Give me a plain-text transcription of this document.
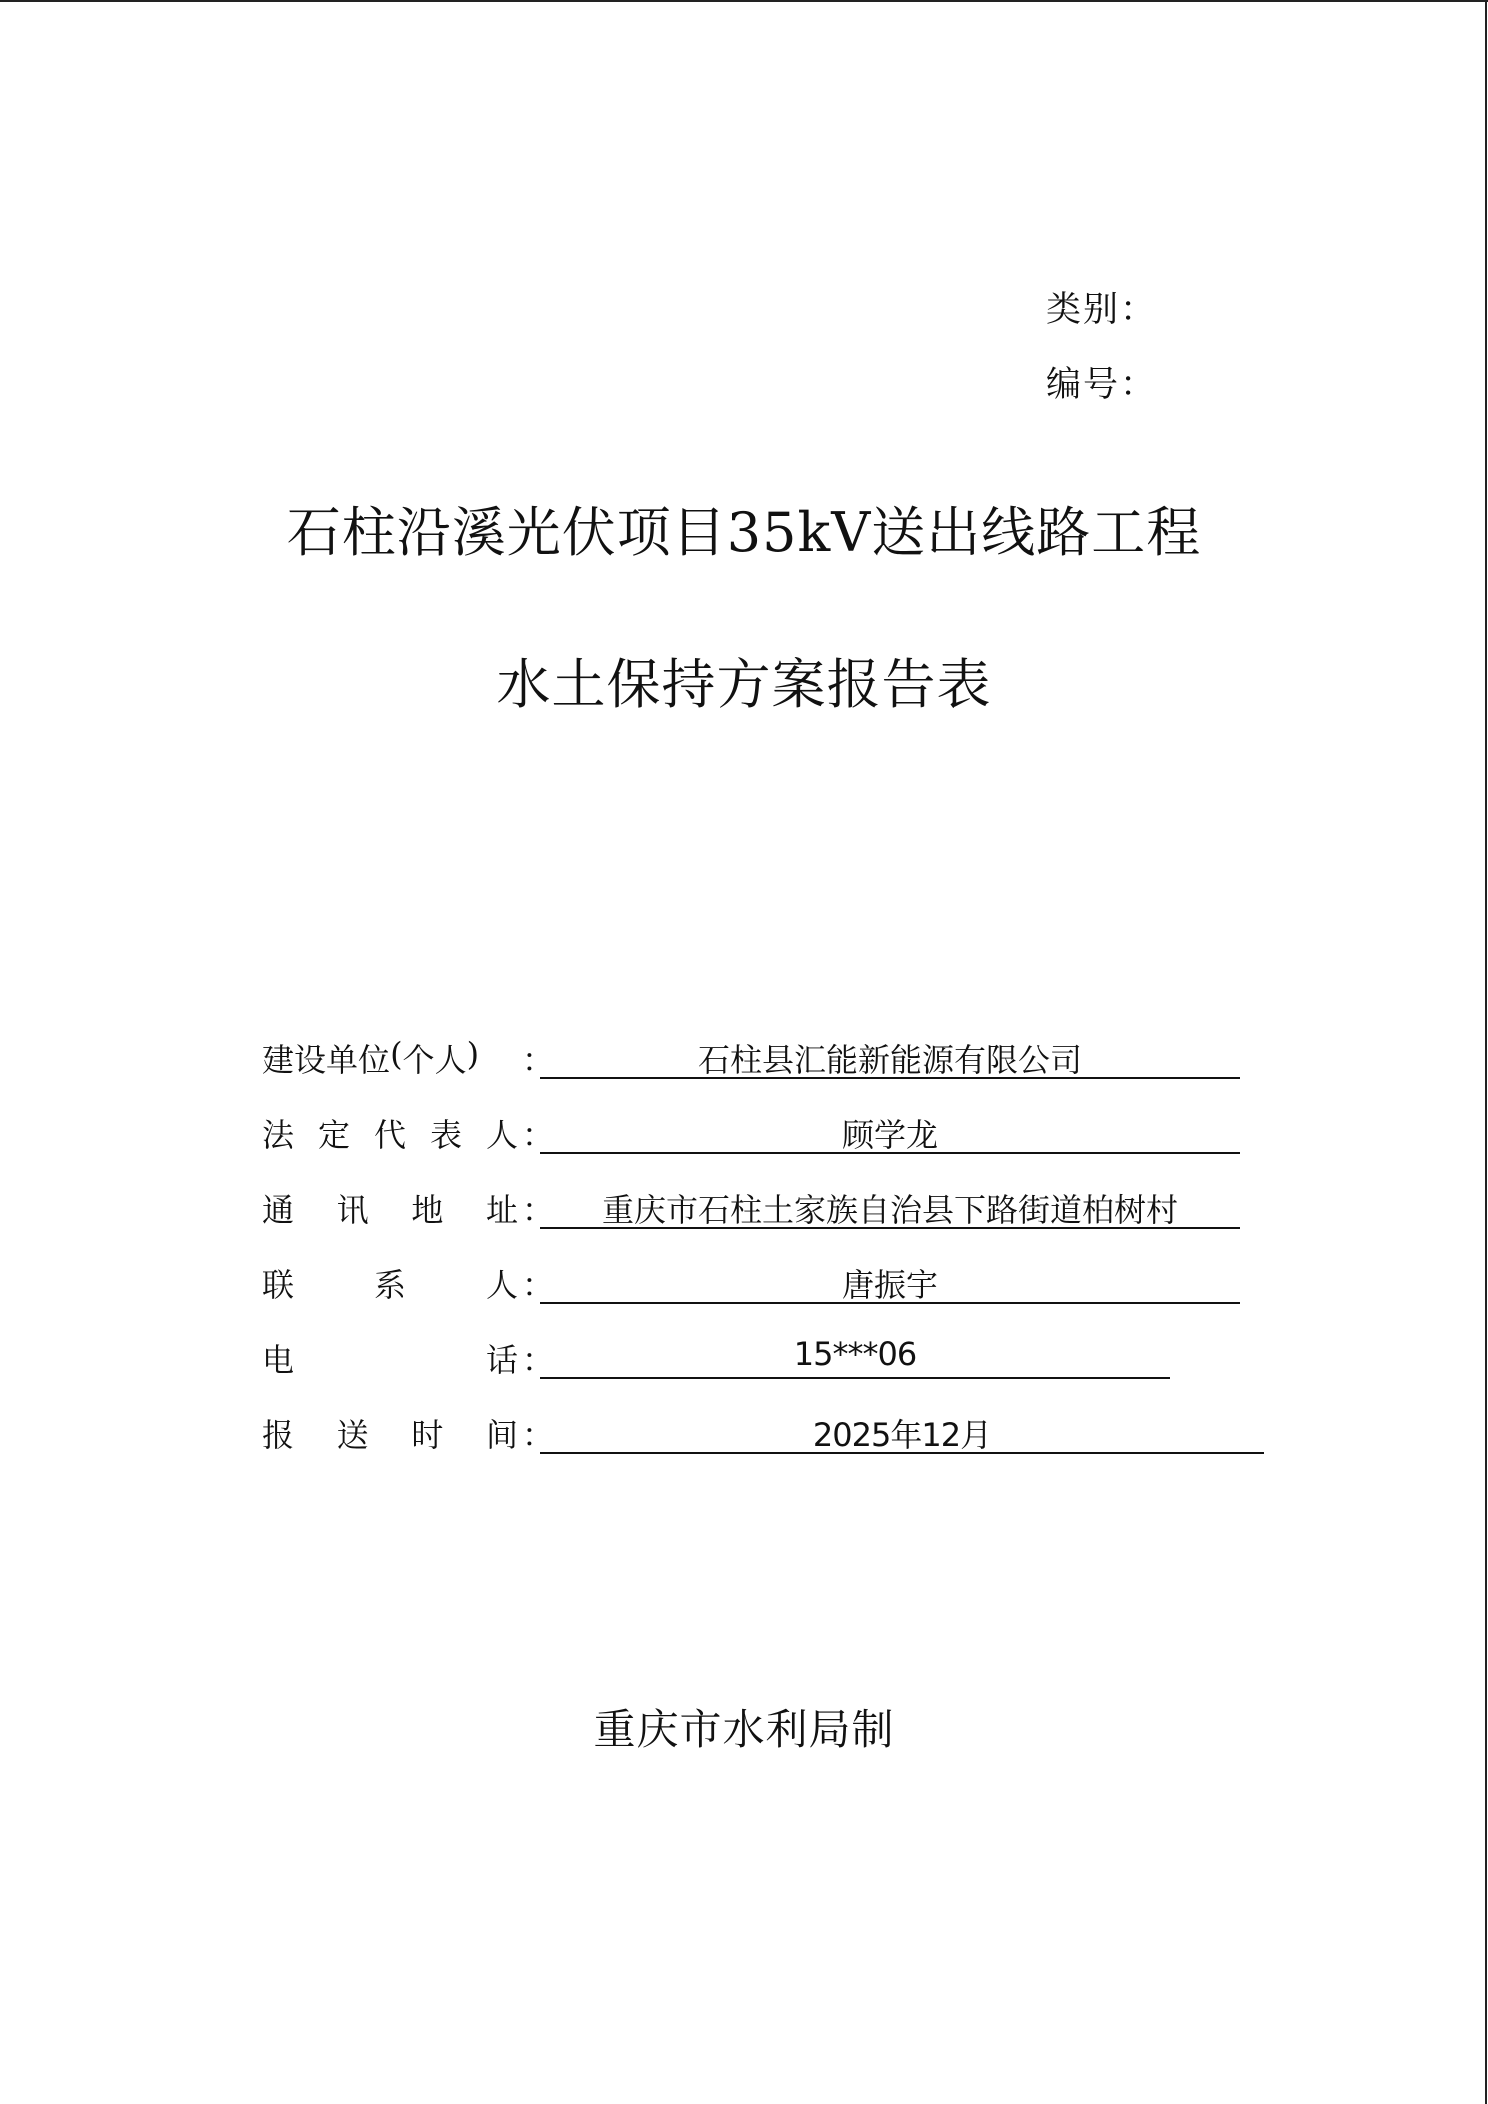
类别：
编号：
石柱沿溪光伏项目35kV送出线路工程
水土保持方案报告表
建 设 单 位 ( 个 人 ) ：	石柱县汇能新能源有限公司
法 定 代 表 人 ：	顾学龙
通 讯 地 址 ：	重庆市石柱土家族自治县下路街道柏树村
联 系 人 ：	唐振宇
电	话 ：	15***06
报 送 时 间 ：	2025年12月
重庆市水利局制
